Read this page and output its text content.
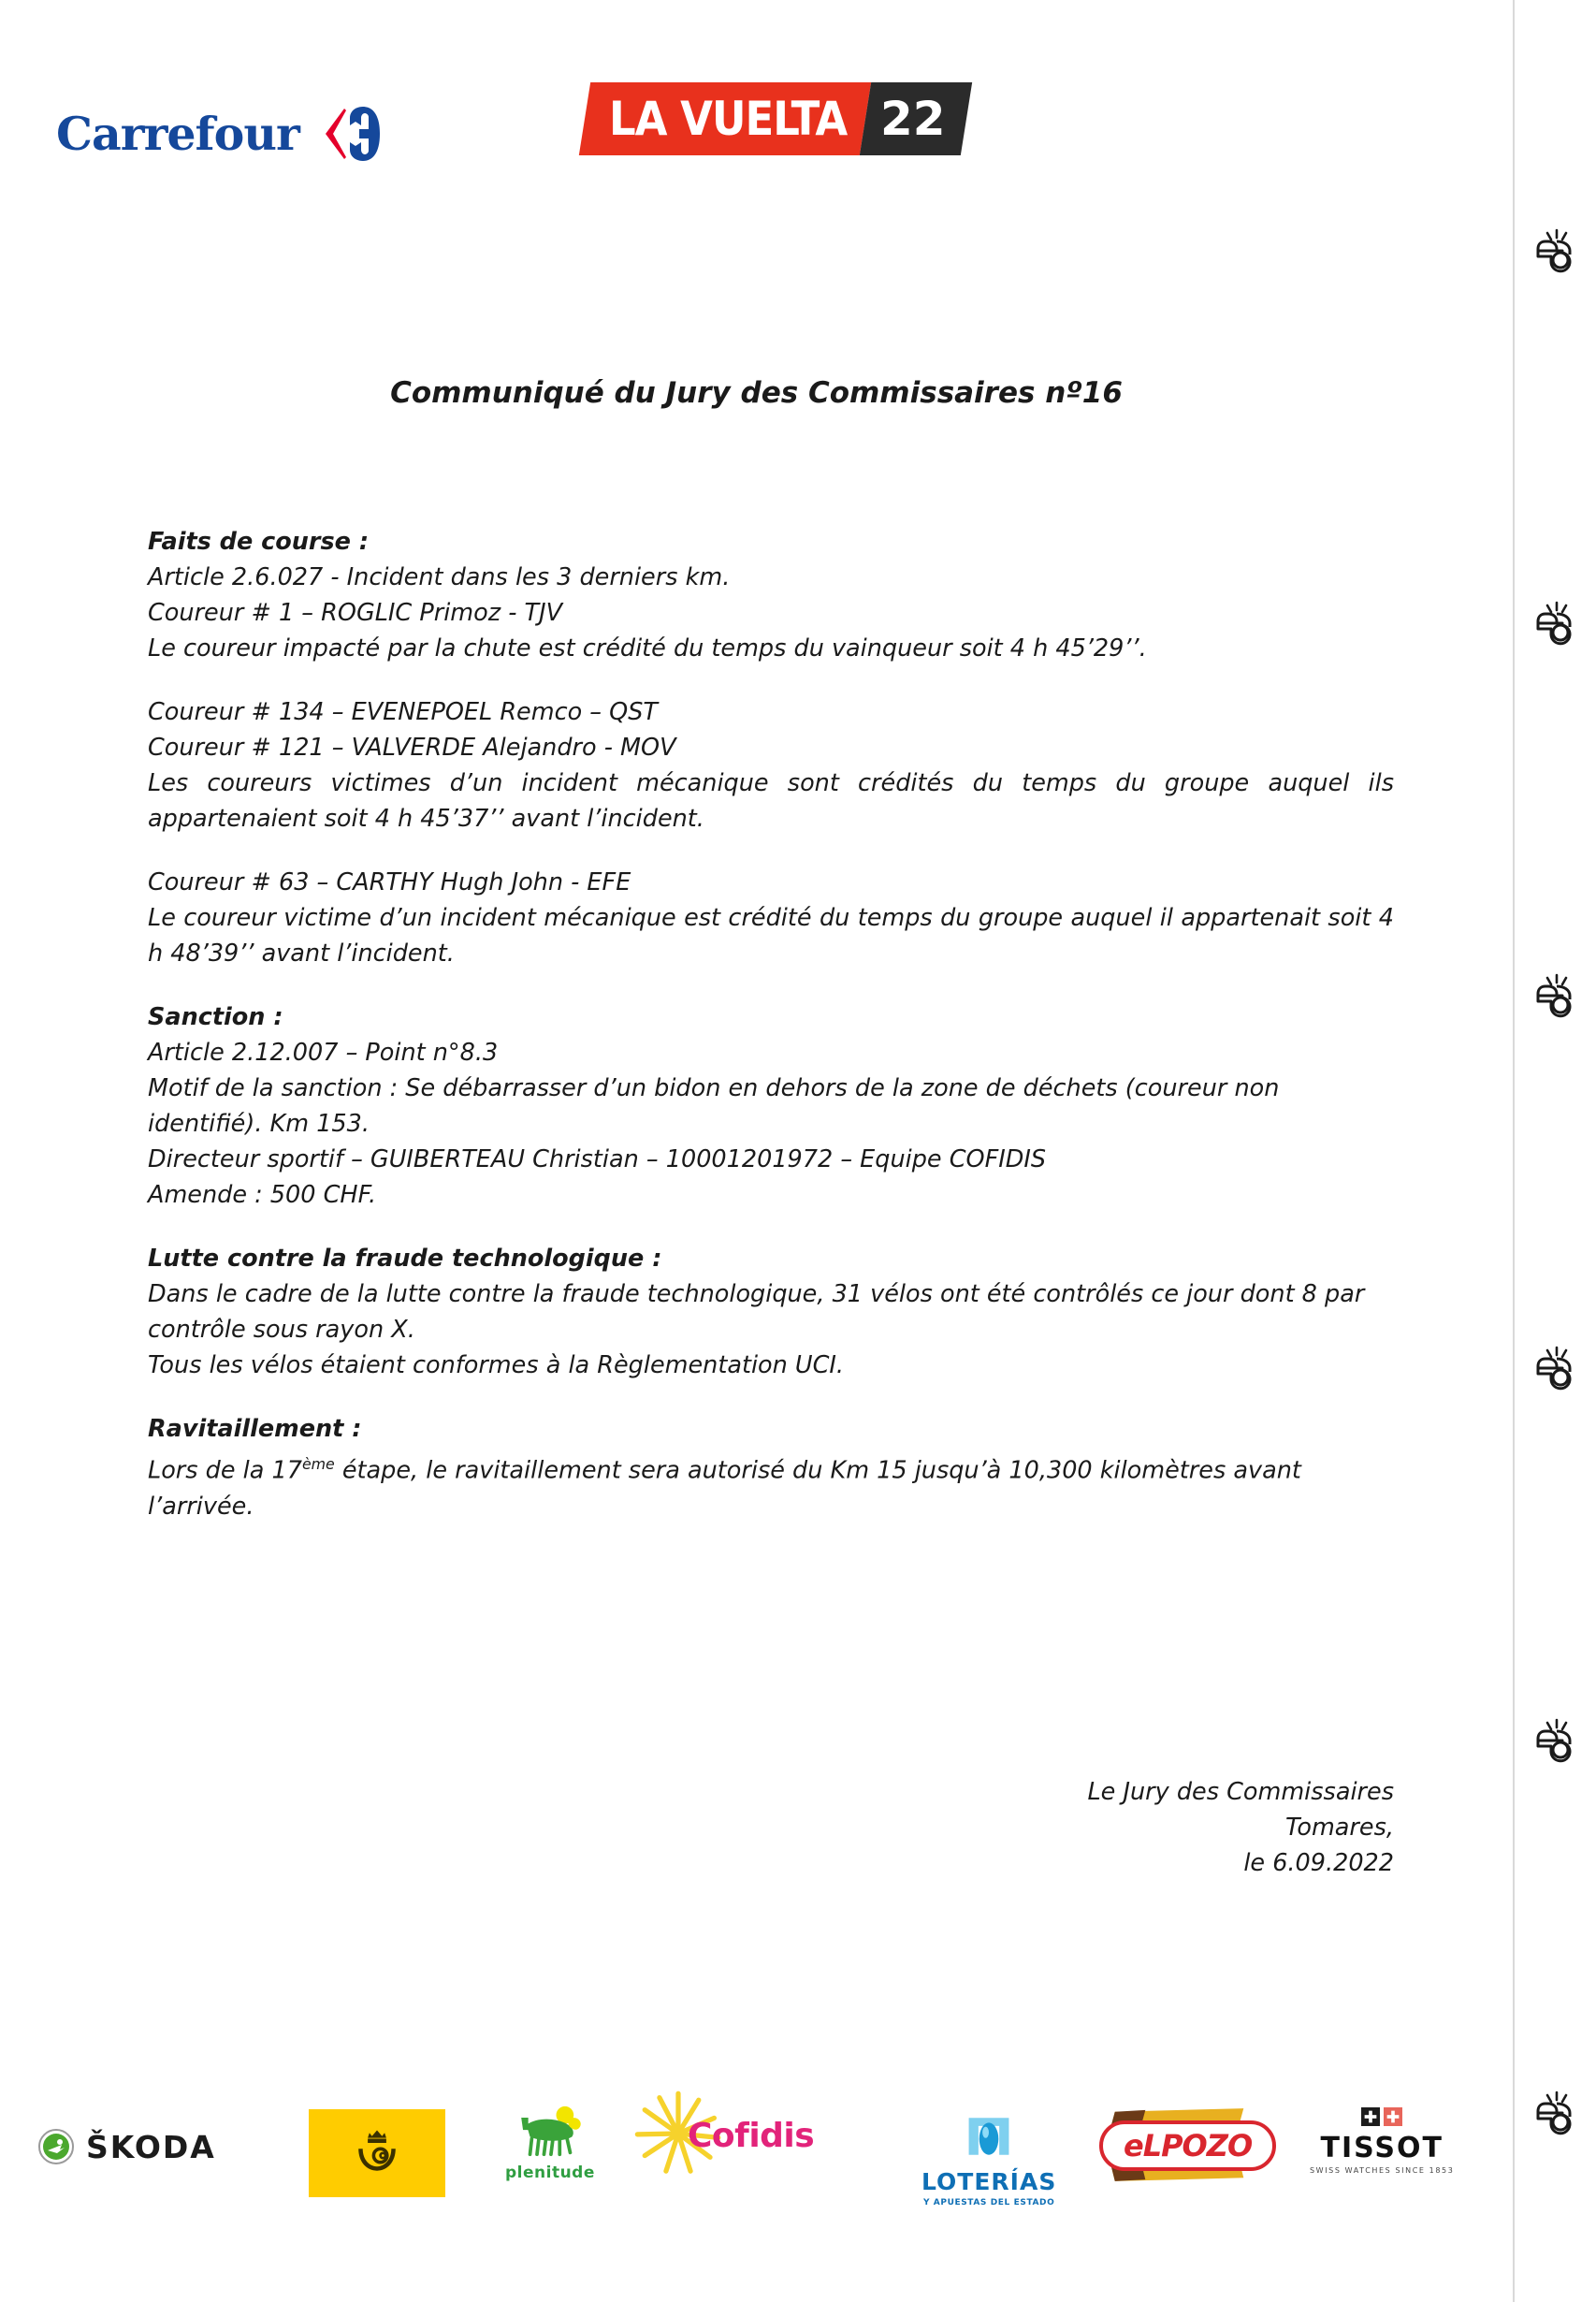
Carrefour	LA VUELTA 22
Communiqué du Jury des Commissaires nº16
Faits de course :
Article 2.6.027 - Incident dans les 3 derniers km.
Coureur # 1 – ROGLIC Primoz - TJV
Le coureur impacté par la chute est crédité du temps du vainqueur soit 4 h 45’29’’.
Coureur # 134 – EVENEPOEL Remco – QST
Coureur # 121 – VALVERDE Alejandro - MOV
Les coureurs victimes d’un incident mécanique sont crédités du temps du groupe auquel ils appartenaient soit 4 h 45’37’’ avant l’incident.
Coureur # 63 – CARTHY Hugh John - EFE
Le coureur victime d’un incident mécanique est crédité du temps du groupe auquel il appartenait soit 4 h 48’39’’ avant l’incident.
Sanction :
Article 2.12.007 – Point n°8.3
Motif de la sanction : Se débarrasser d’un bidon en dehors de la zone de déchets (coureur non identifié). Km 153.
Directeur sportif – GUIBERTEAU Christian – 10001201972 – Equipe COFIDIS
Amende : 500 CHF.
Lutte contre la fraude technologique :
Dans le cadre de la lutte contre la fraude technologique, 31 vélos ont été contrôlés ce jour dont 8 par contrôle sous rayon X.
Tous les vélos étaient conformes à la Règlementation UCI.
Ravitaillement :
Lors de la 17ème étape, le ravitaillement sera autorisé du Km 15 jusqu’à 10,300 kilomètres avant l’arrivée.
Le Jury des Commissaires
Tomares,
le 6.09.2022
ŠKODA
plenitude
Cofidis
LOTERÍAS
Y APUESTAS DEL ESTADO
eLPOZO TISSOT
SWISS WATCHES SINCE 1853
